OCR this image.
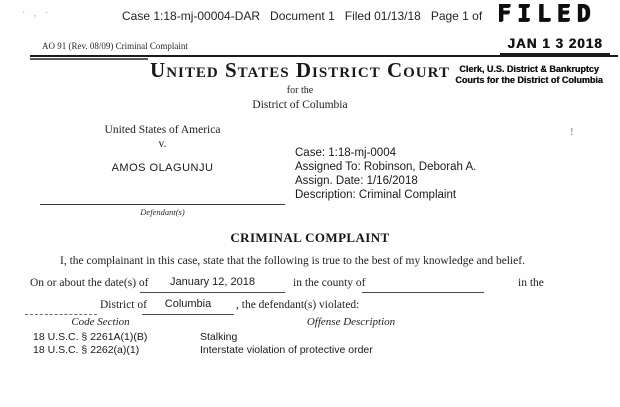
· , ·	Case 1:18-mj-00004-DAR   Document 1   Filed 01/13/18   Page 1 of FILED
JAN 1 3 2018
AO 91 (Rev. 08/09) Criminal Complaint
United States District Court	Clerk, U.S. District & Bankruptcy
Courts for the District of Columbia
for the
District of Columbia
United States of America
v.
AMOS OLAGUNJU
Case: 1:18-mj-0004
Assigned To: Robinson, Deborah A.
Assign. Date: 1/16/2018
Description: Criminal Complaint
!
Defendant(s)
CRIMINAL COMPLAINT
I, the complainant in this case, state that the following is true to the best of my knowledge and belief.
On or about the date(s) of	January 12, 2018	in the county of	in the
District of	Columbia	, the defendant(s) violated:
Code Section	Offense Description
18 U.S.C. § 2261A(1)(B)	Stalking
18 U.S.C. § 2262(a)(1)	Interstate violation of protective order
